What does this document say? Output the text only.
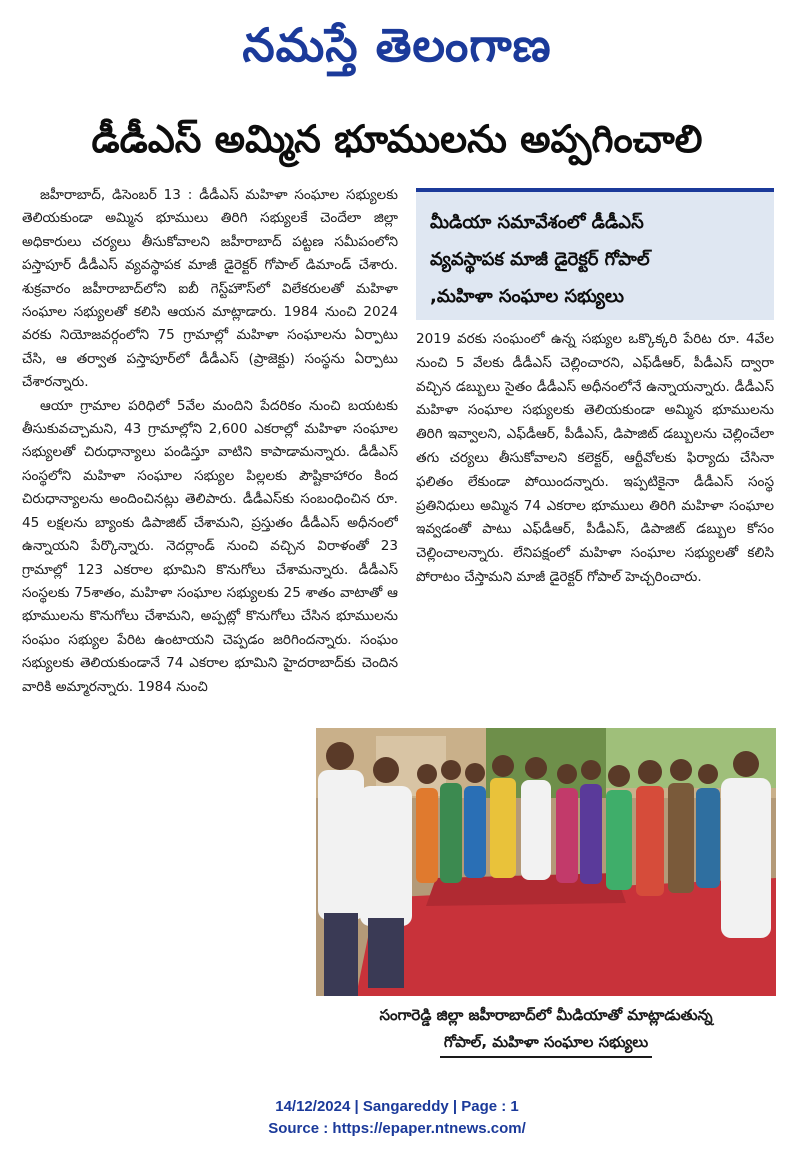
నమస్తే తెలంగాణ
డీడీఎస్‌ అమ్మిన భూములను అప్పగించాలి

జహీరాబాద్‌, డిసెంబర్‌ 13 : డీడీఎస్‌ మహిళా సంఘాల సభ్యులకు తెలియకుండా అమ్మిన భూములు తిరిగి సభ్యులకే చెందేలా జిల్లా అధికారులు చర్యలు తీసుకోవాలని జహీరాబాద్‌ పట్టణ సమీపంలోని పస్తాపూర్‌ డీడీఎస్‌ వ్యవస్థాపక మాజీ డైరెక్టర్‌ గోపాల్‌ డిమాండ్‌ చేశారు. శుక్రవారం జహీరాబాద్‌లోని ఐబీ గెస్ట్‌హౌస్‌లో విలేకరులతో మహిళా సంఘాల సభ్యులతో కలిసి ఆయన మాట్లాడారు. 1984 నుంచి 2024 వరకు నియోజవర్గంలోని 75 గ్రామాల్లో మహిళా సంఘాలను ఏర్పాటు చేసి, ఆ తర్వాత పస్తాపూర్‌లో డీడీఎస్‌ (ప్రాజెక్టు) సంస్థను ఏర్పాటు చేశారన్నారు.

ఆయా గ్రామాల పరిధిలో 5వేల మందిని పేదరికం నుంచి బయటకు తీసుకువచ్చామని, 43 గ్రామాల్లోని 2,600 ఎకరాల్లో మహిళా సంఘాల సభ్యులతో చిరుధాన్యాలు పండిస్తూ వాటిని కాపాడామన్నారు. డీడీఎస్‌ సంస్థలోని మహిళా సంఘాల సభ్యుల పిల్లలకు పౌష్టికాహారం కింద చిరుధాన్యాలను అందించినట్లు తెలిపారు. డీడీఎస్‌కు సంబంధించిన రూ. 45 లక్షలను బ్యాంకు డిపాజిట్‌ చేశామని, ప్రస్తుతం డీడీఎస్‌ అధీనంలో ఉన్నాయని పేర్కొన్నారు. నెదర్లాండ్‌ నుంచి వచ్చిన విరాళంతో 23 గ్రామాల్లో 123 ఎకరాల భూమిని కొనుగోలు చేశామన్నారు. డీడీఎస్‌ సంస్థలకు 75శాతం, మహిళా సంఘాల సభ్యులకు 25 శాతం వాటాతో ఆ భూములను కొనుగోలు చేశామని, అప్పట్లో కొనుగోలు చేసిన భూములను సంఘం సభ్యుల పేరిట ఉంటాయని చెప్పడం జరిగిందన్నారు. సంఘం సభ్యులకు తెలియకుండానే 74 ఎకరాల భూమిని హైదరాబాద్‌కు చెందిన వారికి అమ్మారన్నారు. 1984 నుంచి

మీడియా సమావేశంలో డీడీఎస్‌
వ్యవస్థాపక మాజీ డైరెక్టర్‌ గోపాల్‌
,మహిళా సంఘాల సభ్యులు

2019 వరకు సంఘంలో ఉన్న సభ్యుల ఒక్కొక్కరి పేరిట రూ. 4వేల నుంచి 5 వేలకు డీడీఎస్‌ చెల్లించారని, ఎఫ్‌డీఆర్‌, పీడీఎస్‌ ద్వారా వచ్చిన డబ్బులు సైతం డీడీఎస్‌ అధీనంలోనే ఉన్నాయన్నారు. డీడీఎస్‌ మహిళా సంఘాల సభ్యులకు తెలియకుండా అమ్మిన భూములను తిరిగి ఇవ్వాలని, ఎఫ్‌డీఆర్‌, పీడీఎస్‌, డిపాజిట్‌ డబ్బులను చెల్లించేలా తగు చర్యలు తీసుకోవాలని కలెక్టర్‌, ఆర్టీవోలకు ఫిర్యాదు చేసినా ఫలితం లేకుండా పోయిందన్నారు. ఇప్పటికైనా డీడీఎస్‌ సంస్థ ప్రతినిధులు అమ్మిన 74 ఎకరాల భూములు తిరిగి మహిళా సంఘాల ఇవ్వడంతో పాటు ఎఫ్‌డీఆర్‌, పీడీఎస్‌, డిపాజిట్‌ డబ్బుల కోసం చెల్లించాలన్నారు. లేనిపక్షంలో మహిళా సంఘాల సభ్యులతో కలిసి పోరాటం చేస్తామని మాజీ డైరెక్టర్‌ గోపాల్‌ హెచ్చరించారు.

సంగారెడ్డి జిల్లా జహీరాబాద్‌లో మీడియాతో మాట్లాడుతున్న
గోపాల్‌, మహిళా సంఘాల సభ్యులు
14/12/2024 | Sangareddy | Page : 1
Source : https://epaper.ntnews.com/
